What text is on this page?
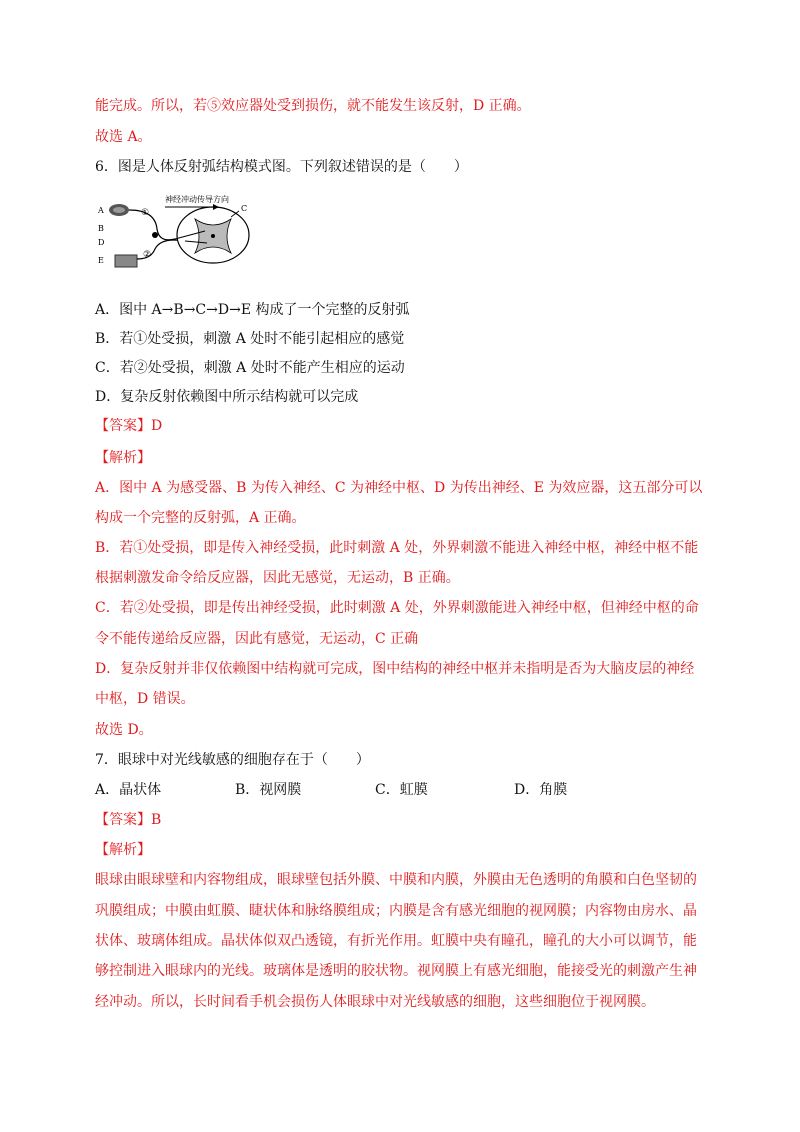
能完成。所以，若⑤效应器处受到损伤，就不能发生该反射，D 正确。
故选 A。
6．图是人体反射弧结构模式图。下列叙述错误的是（　　）
神经冲动传导方向
A
B
C
D
E
①
②
A．图中 A→B→C→D→E 构成了一个完整的反射弧
B．若①处受损，刺激 A 处时不能引起相应的感觉
C．若②处受损，刺激 A 处时不能产生相应的运动
D．复杂反射依赖图中所示结构就可以完成
【答案】D
【解析】
A．图中 A 为感受器、B 为传入神经、C 为神经中枢、D 为传出神经、E 为效应器，这五部分可以
构成一个完整的反射弧，A 正确。
B．若①处受损，即是传入神经受损，此时刺激 A 处，外界刺激不能进入神经中枢，神经中枢不能
根据刺激发命令给反应器，因此无感觉，无运动，B 正确。
C．若②处受损，即是传出神经受损，此时刺激 A 处，外界刺激能进入神经中枢，但神经中枢的命
令不能传递给反应器，因此有感觉，无运动，C 正确
D．复杂反射并非仅依赖图中结构就可完成，图中结构的神经中枢并未指明是否为大脑皮层的神经
中枢，D 错误。
故选 D。
7．眼球中对光线敏感的细胞存在于（　　）
A．晶状体	B．视网膜	C．虹膜	D．角膜
【答案】B
【解析】
眼球由眼球壁和内容物组成，眼球壁包括外膜、中膜和内膜，外膜由无色透明的角膜和白色坚韧的
巩膜组成；中膜由虹膜、睫状体和脉络膜组成；内膜是含有感光细胞的视网膜；内容物由房水、晶
状体、玻璃体组成。晶状体似双凸透镜，有折光作用。虹膜中央有瞳孔，瞳孔的大小可以调节，能
够控制进入眼球内的光线。玻璃体是透明的胶状物。视网膜上有感光细胞，能接受光的刺激产生神
经冲动。所以，长时间看手机会损伤人体眼球中对光线敏感的细胞，这些细胞位于视网膜。
